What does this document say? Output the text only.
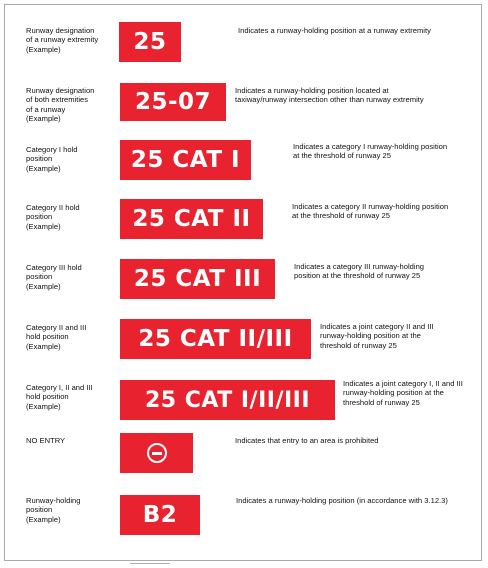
Runway designation
of a runway extremity
(Example)	25	Indicates a runway-holding position at a runway extremity
Runway designation
of both extremities
of a runway
(Example)
25-07	Indicates a runway-holding position located at
taxiway/runway intersection other than runway extremity
Category I hold
position
(Example)	25 CAT I
Indicates a category I runway-holding position
at the threshold of runway 25
Category II hold
position
(Example)	25 CAT II	Indicates a category II runway-holding position
at the threshold of runway 25
Category III hold
position
(Example)	25 CAT III	Indicates a category III runway-holding
position at the threshold of runway 25
Category II and III
hold position
(Example)	25 CAT II/III	Indicates a joint category II and III
runway-holding position at the
threshold of runway 25
Category I, II and III
hold position
(Example)	25 CAT I/II/III
Indicates a joint category I, II and III
runway-holding position at the
threshold of runway 25
NO ENTRY	Indicates that entry to an area is prohibited
Runway-holding
position
(Example)	B2
Indicates a runway-holding position (in accordance with 3.12.3)
